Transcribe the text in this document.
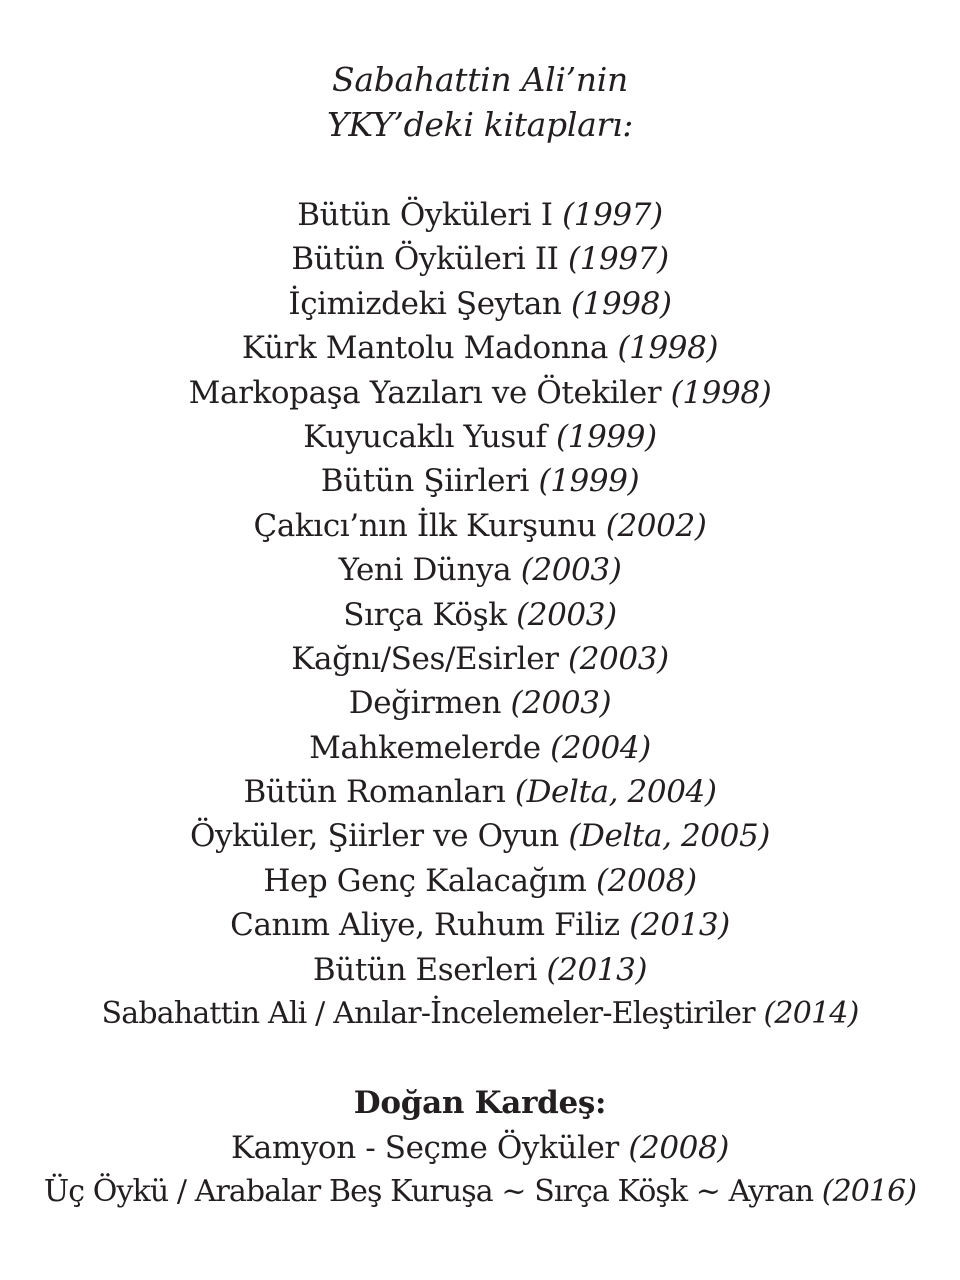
Sabahattin Ali’nin
YKY’deki kitapları:
Bütün Öyküleri I (1997)
Bütün Öyküleri II (1997)
İçimizdeki Şeytan (1998)
Kürk Mantolu Madonna (1998)
Markopaşa Yazıları ve Ötekiler (1998)
Kuyucaklı Yusuf (1999)
Bütün Şiirleri (1999)
Çakıcı’nın İlk Kurşunu (2002)
Yeni Dünya (2003)
Sırça Köşk (2003)
Kağnı/Ses/Esirler (2003)
Değirmen (2003)
Mahkemelerde (2004)
Bütün Romanları (Delta, 2004)
Öyküler, Şiirler ve Oyun (Delta, 2005)
Hep Genç Kalacağım (2008)
Canım Aliye, Ruhum Filiz (2013)
Bütün Eserleri (2013)
Sabahattin Ali / Anılar-İncelemeler-Eleştiriler (2014)
Doğan Kardeş:
Kamyon - Seçme Öyküler (2008)
Üç Öykü / Arabalar Beş Kuruşa ~ Sırça Köşk ~ Ayran (2016)
